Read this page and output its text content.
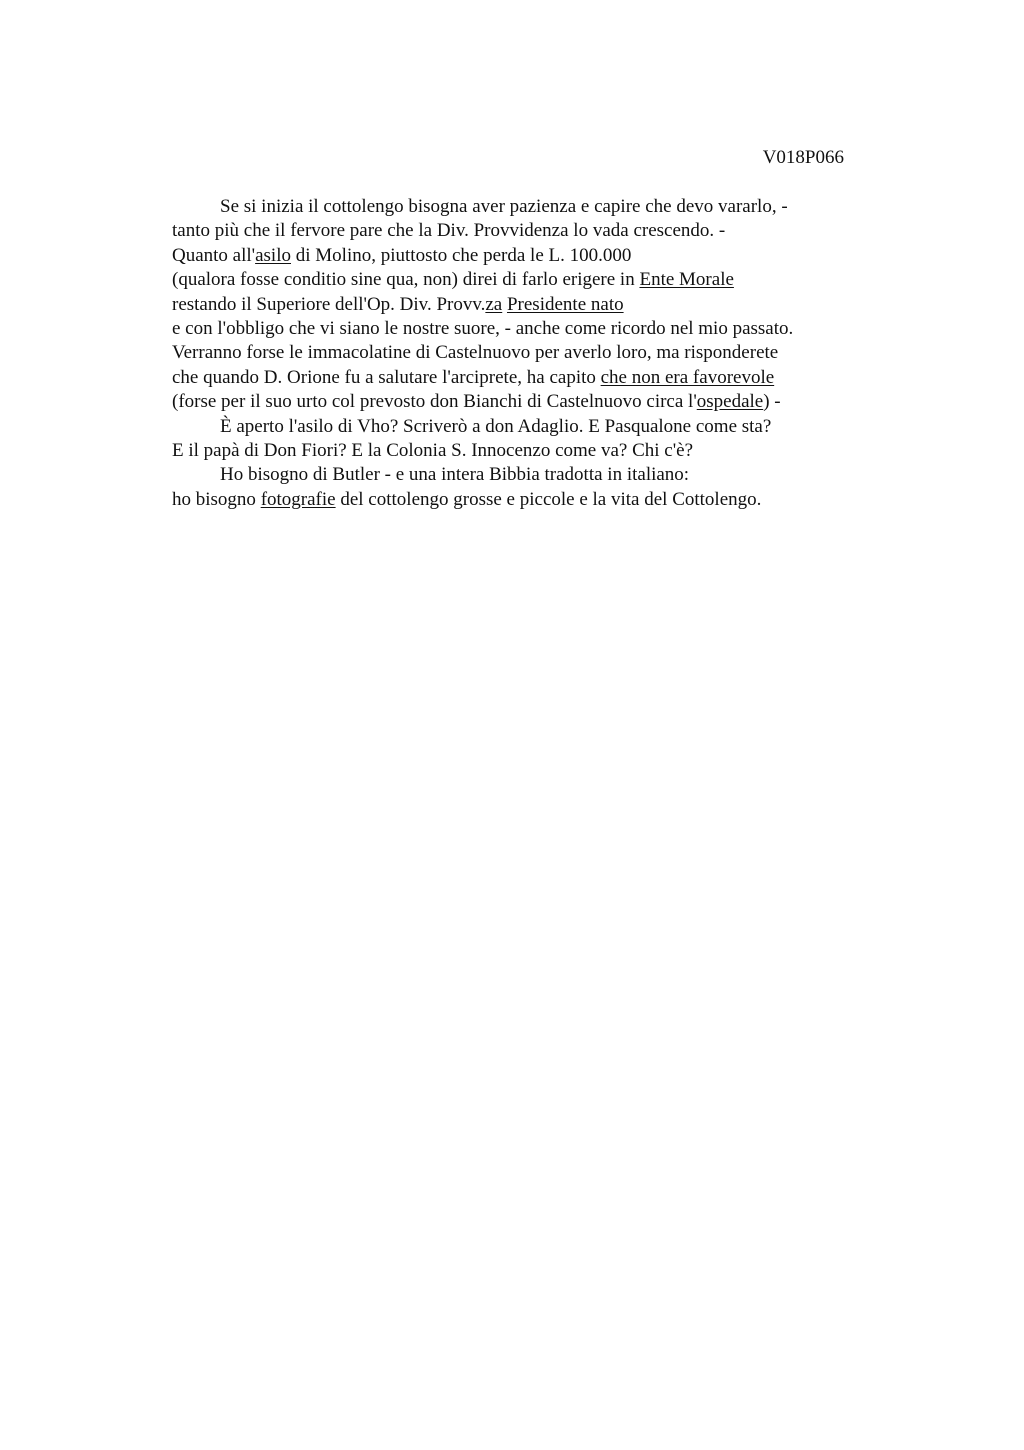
V018P066
Se si inizia il cottolengo bisogna aver pazienza e capire che devo vararlo, -
tanto più che il fervore pare che la Div. Provvidenza lo vada crescendo. -
Quanto all'asilo di Molino, piuttosto che perda le L. 100.000
(qualora fosse conditio sine qua, non) direi di farlo erigere in Ente Morale
restando il Superiore dell'Op. Div. Provv.za Presidente nato
e con l'obbligo che vi siano le nostre suore, - anche come ricordo nel mio passato.
Verranno forse le immacolatine di Castelnuovo per averlo loro, ma risponderete
che quando D. Orione fu a salutare l'arciprete, ha capito che non era favorevole
(forse per il suo urto col prevosto don Bianchi di Castelnuovo circa l'ospedale) -
È aperto l'asilo di Vho? Scriverò a don Adaglio. E Pasqualone come sta?
E il papà di Don Fiori? E la Colonia S. Innocenzo come va? Chi c'è?
Ho bisogno di Butler - e una intera Bibbia tradotta in italiano:
ho bisogno fotografie del cottolengo grosse e piccole e la vita del Cottolengo.
